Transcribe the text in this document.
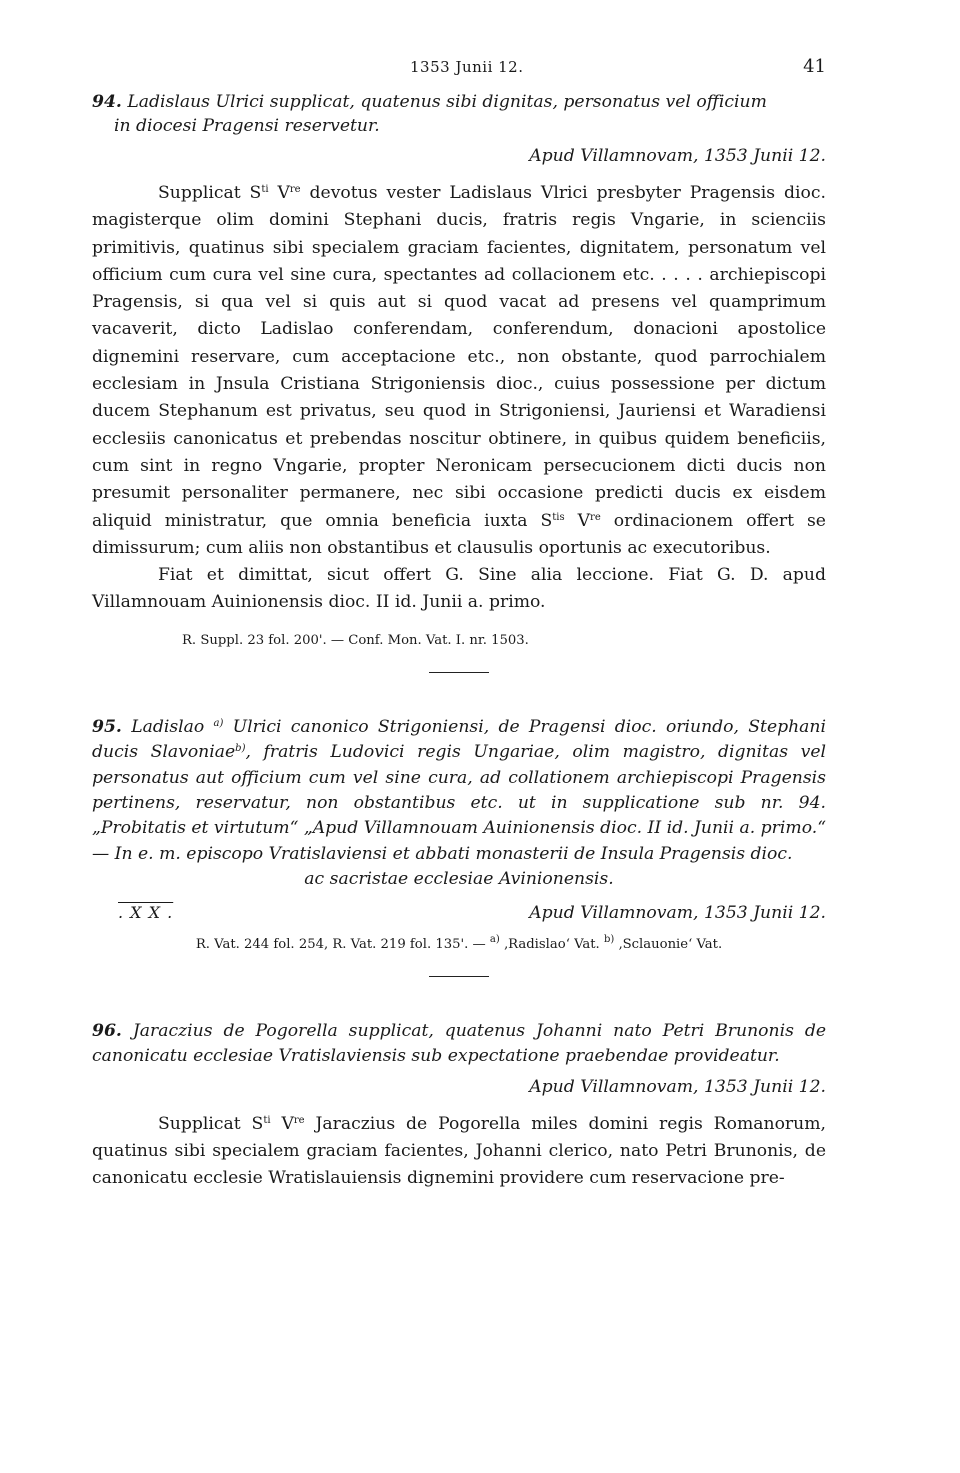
1353 Junii 12.	41

94. Ladislaus Ulrici supplicat, quatenus sibi dignitas, personatus vel officium
in diocesi Pragensi reservetur.

Apud Villamnovam, 1353 Junii 12.

Supplicat $S^{ti}$ Vre devotus vester Ladislaus Vlrici presbyter Pragensis dioc. magisterque olim domini Stephani ducis, fratris regis Vngarie, in scienciis primitivis, quatinus sibi specialem graciam facientes, dignitatem, personatum vel officium cum cura vel sine cura, spectantes ad collacionem etc. . . . . archiepiscopi Pragensis, si qua vel si quis aut si quod vacat ad presens vel quamprimum vacaverit, dicto Ladislao conferendam, conferendum, donacioni apostolice dignemini reservare, cum acceptacione etc., non obstante, quod parrochialem ecclesiam in Jnsula Cristiana Strigoniensis dioc., cuius possessione per dictum ducem Stephanum est privatus, seu quod in Strigoniensi, Jauriensi et Waradiensi ecclesiis canonicatus et prebendas noscitur obtinere, in quibus quidem beneficiis, cum sint in regno Vngarie, propter Neronicam persecucionem dicti ducis non presumit personaliter permanere, nec sibi occasione predicti ducis ex eisdem aliquid ministratur, que omnia beneficia iuxta $S^{tis}$ Vre ordinacionem offert se dimissurum; cum aliis non obstantibus et clausulis oportunis ac executoribus.

Fiat et dimittat, sicut offert G. Sine alia leccione. Fiat G. D. apud Villamnouam Auinionensis dioc. II id. Junii a. primo.

R. Suppl. 23 fol. 200'. — Conf. Mon. Vat. I. nr. 1503.

95. Ladislao $^{a)}$ Ulrici canonico Strigoniensi, de Pragensi dioc. oriundo, Stephani ducis Slavoniae$^{b)}$, fratris Ludovici regis Ungariae, olim magistro, dignitas vel personatus aut officium cum vel sine cura, ad collationem archiepiscopi Pragensis pertinens, reservatur, non obstantibus etc. ut in supplicatione sub nr. 94. „Probitatis et virtutum“ „Apud Villamnouam Auinionensis dioc. II id. Junii a. primo.“ — In e. m. episcopo Vratislaviensi et abbati monasterii de Insula Pragensis dioc.

ac sacristae ecclesiae Avinionensis.

. X X .	Apud Villamnovam, 1353 Junii 12.

R. Vat. 244 fol. 254, R. Vat. 219 fol. 135'. — $^{a)}$ ‚Radislao‘ Vat. $^{b)}$ ‚Sclauonie‘ Vat.

96. Jaraczius de Pogorella supplicat, quatenus Johanni nato Petri Brunonis de canonicatu ecclesiae Vratislaviensis sub expectatione praebendae provideatur.

Apud Villamnovam, 1353 Junii 12.

Supplicat $S^{ti}$ Vre Jaraczius de Pogorella miles domini regis Romanorum, quatinus sibi specialem graciam facientes, Johanni clerico, nato Petri Brunonis, de canonicatu ecclesie Wratislauiensis dignemini providere cum reservacione pre-
